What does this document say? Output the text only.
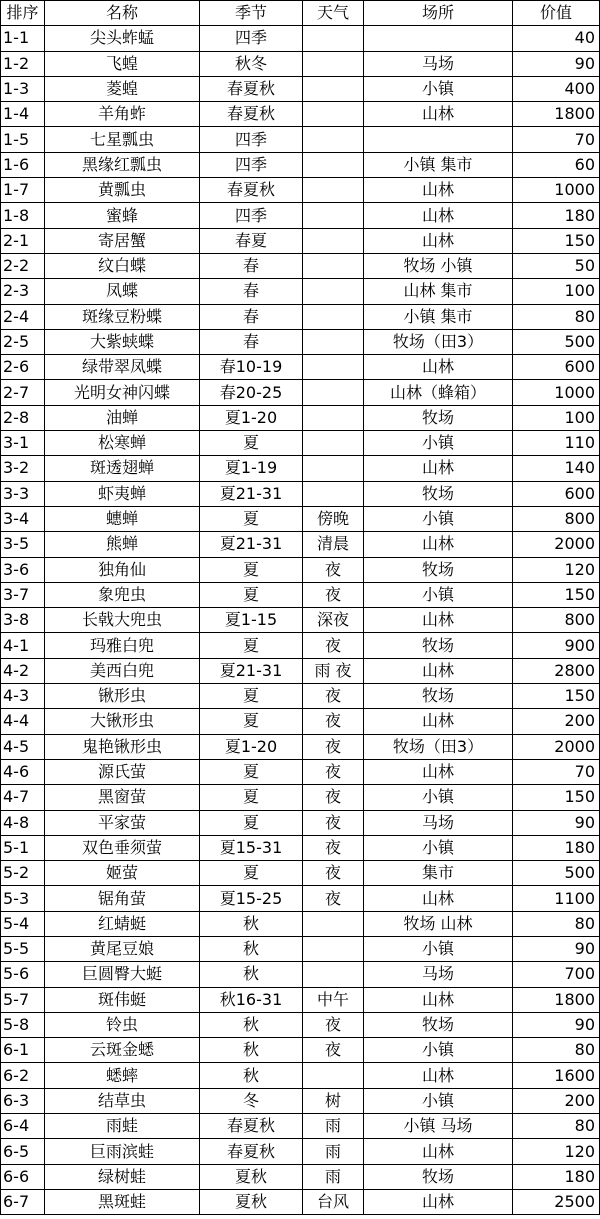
排序	名称	季节	天气	场所	价值
1-1	尖头蚱蜢	四季			40
1-2	飞蝗	秋冬		马场	90
1-3	菱蝗	春夏秋		小镇	400
1-4	羊角蚱	春夏秋		山林	1800
1-5	七星瓢虫	四季			70
1-6	黑缘红瓢虫	四季		小镇 集市	60
1-7	黄瓢虫	春夏秋		山林	1000
1-8	蜜蜂	四季		山林	180
2-1	寄居蟹	春夏		山林	150
2-2	纹白蝶	春		牧场 小镇	50
2-3	凤蝶	春		山林 集市	100
2-4	斑缘豆粉蝶	春		小镇 集市	80
2-5	大紫蛱蝶	春		牧场（田3）	500
2-6	绿带翠凤蝶	春10-19		山林	600
2-7	光明女神闪蝶	春20-25		山林（蜂箱）	1000
2-8	油蝉	夏1-20		牧场	100
3-1	松寒蝉	夏		小镇	110
3-2	斑透翅蝉	夏1-19		山林	140
3-3	虾夷蝉	夏21-31		牧场	600
3-4	蟪蝉	夏	傍晚	小镇	800
3-5	熊蝉	夏21-31	清晨	山林	2000
3-6	独角仙	夏	夜	牧场	120
3-7	象兜虫	夏	夜	小镇	150
3-8	长戟大兜虫	夏1-15	深夜	山林	800
4-1	玛雅白兜	夏	夜	牧场	900
4-2	美西白兜	夏21-31	雨 夜	山林	2800
4-3	锹形虫	夏	夜	牧场	150
4-4	大锹形虫	夏	夜	山林	200
4-5	鬼艳锹形虫	夏1-20	夜	牧场（田3）	2000
4-6	源氏萤	夏	夜	山林	70
4-7	黑窗萤	夏	夜	小镇	150
4-8	平家萤	夏	夜	马场	90
5-1	双色垂须萤	夏15-31	夜	小镇	180
5-2	姬萤	夏	夜	集市	500
5-3	锯角萤	夏15-25	夜	山林	1100
5-4	红蜻蜓	秋		牧场 山林	80
5-5	黄尾豆娘	秋		小镇	90
5-6	巨圆臀大蜓	秋		马场	700
5-7	斑伟蜓	秋16-31	中午	山林	1800
5-8	铃虫	秋	夜	牧场	90
6-1	云斑金蟋	秋	夜	小镇	80
6-2	蟋蟀	秋		山林	1600
6-3	结草虫	冬	树	小镇	200
6-4	雨蛙	春夏秋	雨	小镇 马场	80
6-5	巨雨滨蛙	春夏秋	雨	山林	120
6-6	绿树蛙	夏秋	雨	牧场	180
6-7	黑斑蛙	夏秋	台风	山林	2500
